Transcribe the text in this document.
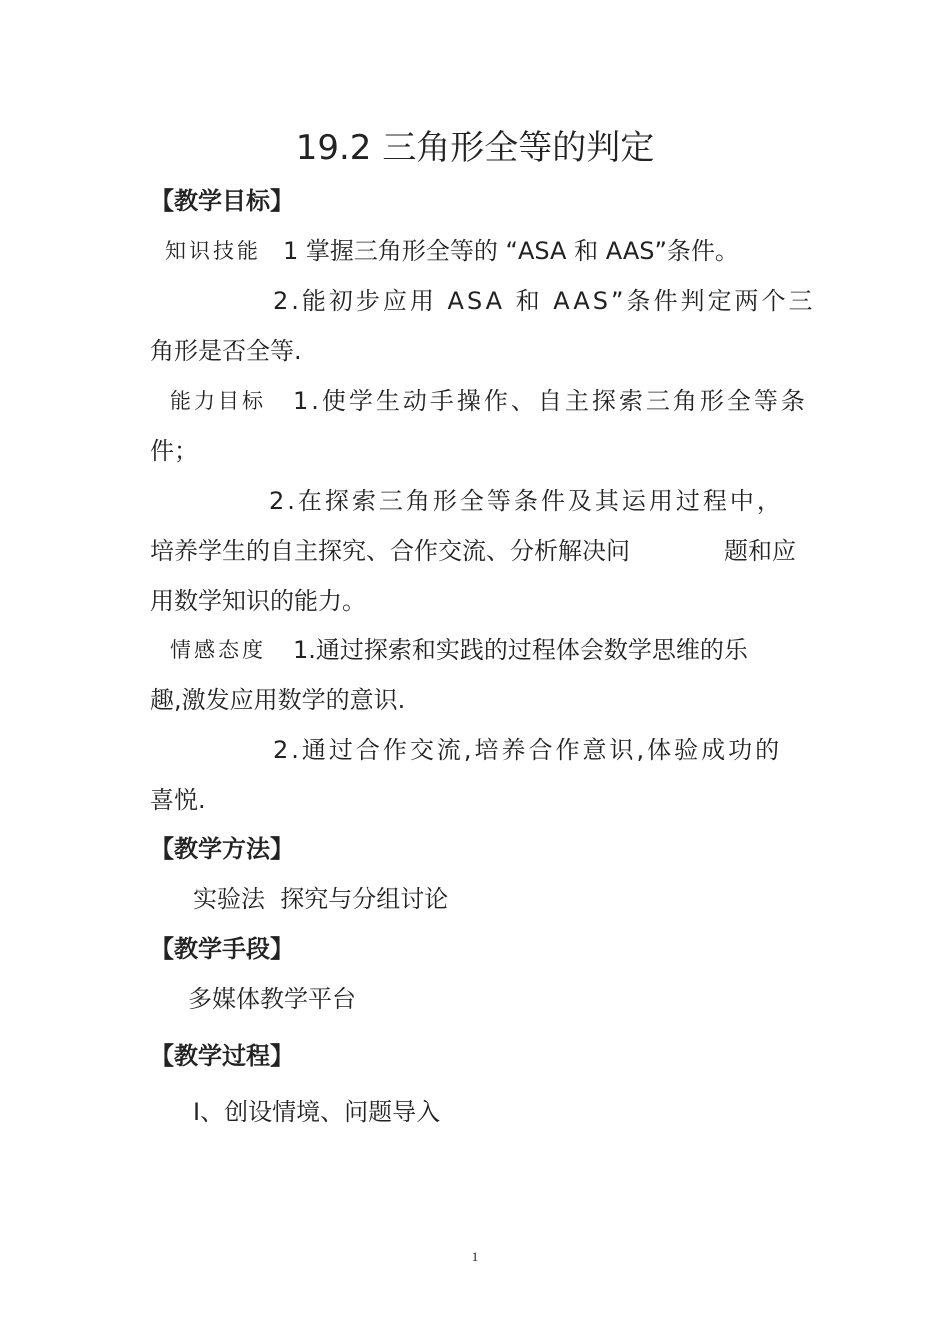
19.2 三角形全等的判定
【教学目标】
知识技能 1 掌握三角形全等的 “ASA 和 AAS”条件。
2.能初步应用 ASA 和 AAS”条件判定两个三
角形是否全等.
能力目标 1.使学生动手操作、自主探索三角形全等条
件；
2.在探索三角形全等条件及其运用过程中，
培养学生的自主探究、合作交流、分析解决问	题和应
用数学知识的能力。
情感态度 1.通过探索和实践的过程体会数学思维的乐
趣,激发应用数学的意识.
2.通过合作交流,培养合作意识,体验成功的
喜悦.
【教学方法】
实验法  探究与分组讨论
【教学手段】
多媒体教学平台
【教学过程】
Ⅰ、创设情境、问题导入
1
